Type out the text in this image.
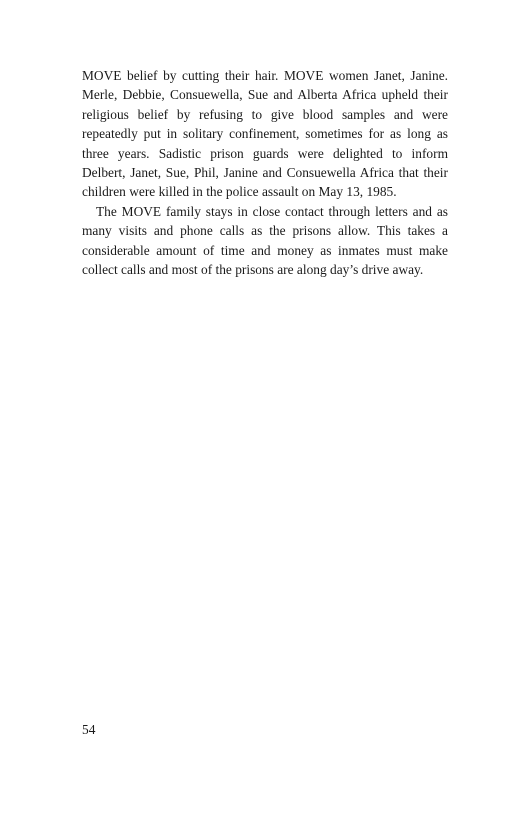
MOVE belief by cutting their hair. MOVE women Janet, Janine. Merle, Debbie, Consuewella, Sue and Alberta Africa upheld their religious belief by refusing to give blood samples and were repeatedly put in solitary confinement, sometimes for as long as three years. Sadistic prison guards were delighted to inform Delbert, Janet, Sue, Phil, Janine and Consuewella Africa that their children were killed in the police assault on May 13, 1985.

The MOVE family stays in close contact through letters and as many visits and phone calls as the prisons allow. This takes a considerable amount of time and money as inmates must make collect calls and most of the prisons are along day’s drive away.

54
